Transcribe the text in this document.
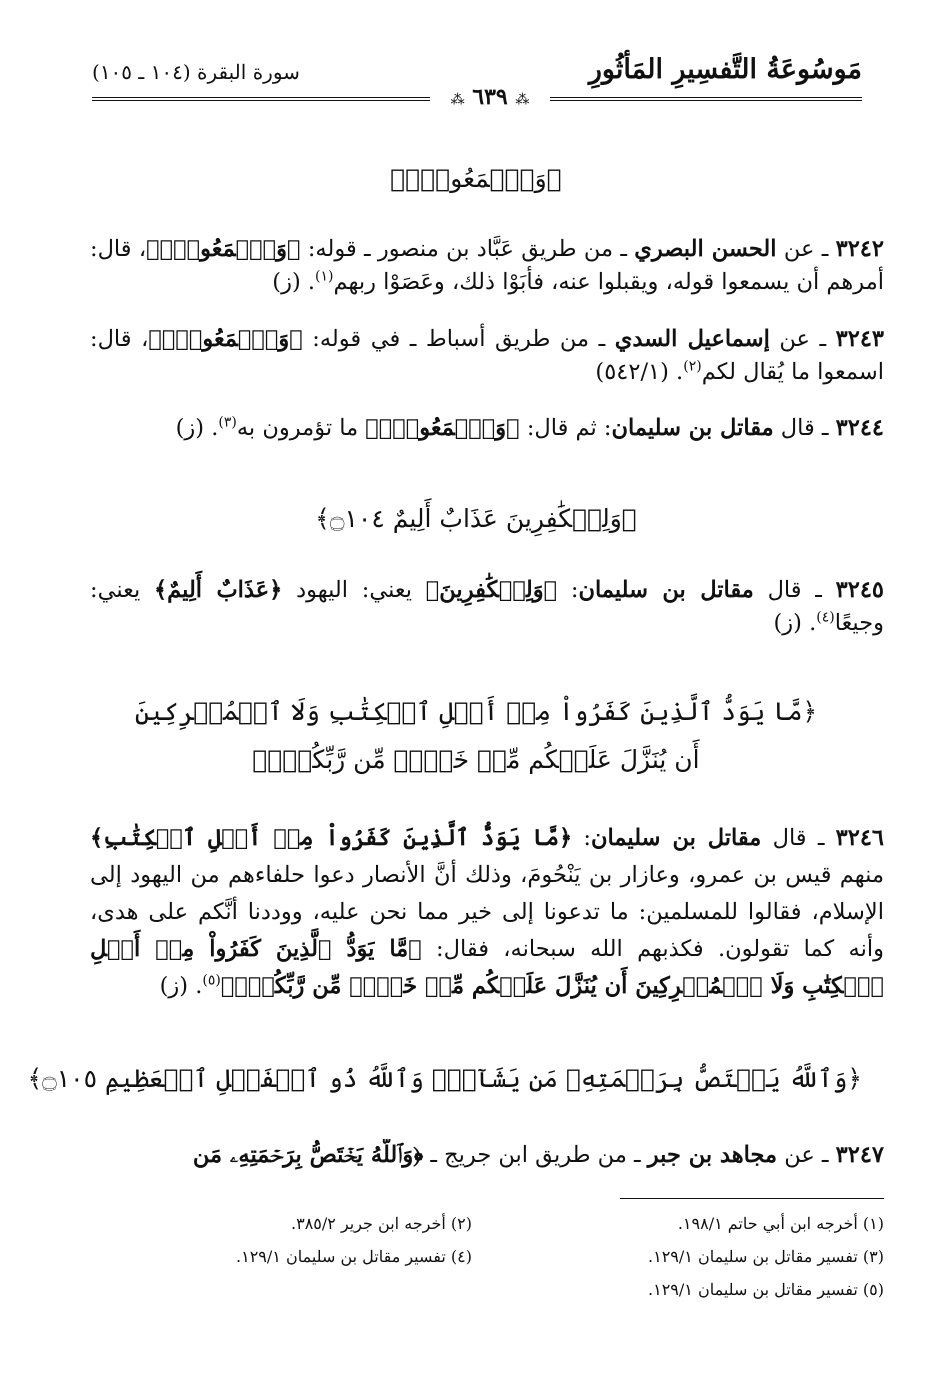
مَوسُوعَةُ التَّفسِيرِ المَأثُورِ
سورة البقرة (١٠٤ ـ ١٠٥)
⁂ ٦٣٩ ⁂
﴿وَٱسۡمَعُواْۗ﴾
٣٢٤٢ ـ عن الحسن البصري ـ من طريق عَبَّاد بن منصور ـ قوله: ﴿وَٱسۡمَعُواْۗ﴾، قال: أمرهم أن يسمعوا قوله، ويقبلوا عنه، فأبَوْا ذلك، وعَصَوْا ربهم$^{(١)}$. (ز)
٣٢٤٣ ـ عن إسماعيل السدي ـ من طريق أسباط ـ في قوله: ﴿وَٱسۡمَعُواْۗ﴾، قال: اسمعوا ما يُقال لكم$^{(٢)}$. (٥٤٢/١)
٣٢٤٤ ـ قال مقاتل بن سليمان: ثم قال: ﴿وَٱسۡمَعُواْۗ﴾ ما تؤمرون به$^{(٣)}$. (ز)
﴿وَلِلۡكَٰفِرِينَ عَذَابٌ أَلِيمٌ ۝١٠٤﴾
٣٢٤٥ ـ قال مقاتل بن سليمان: ﴿وَلِلۡكَٰفِرِينَ﴾ يعني: اليهود ﴿عَذَابٌ أَلِيمٌ﴾ يعني: وجيعًا$^{(٤)}$. (ز)
﴿مَّا يَوَدُّ ٱلَّذِينَ كَفَرُواْ مِنۡ أَهۡلِ ٱلۡكِتَٰبِ وَلَا ٱلۡمُشۡرِكِينَ
أَن يُنَزَّلَ عَلَيۡكُم مِّنۡ خَيۡرٖ مِّن رَّبِّكُمۡۚ﴾
٣٢٤٦ ـ قال مقاتل بن سليمان: ﴿مَّا يَوَدُّ ٱلَّذِينَ كَفَرُواْ مِنۡ أَهۡلِ ٱلۡكِتَٰبِ﴾ منهم قيس بن عمرو، وعازار بن يَنْحُومَ، وذلك أنَّ الأنصار دعوا حلفاءهم من اليهود إلى الإسلام، فقالوا للمسلمين: ما تدعونا إلى خير مما نحن عليه، ووددنا أنَّكم على هدى، وأنه كما تقولون. فكذبهم الله سبحانه، فقال: ﴿مَّا يَوَدُّ ٱلَّذِينَ كَفَرُواْ مِنۡ أَهۡلِ ٱلۡكِتَٰبِ وَلَا ٱلۡمُشۡرِكِينَ أَن يُنَزَّلَ عَلَيۡكُم مِّنۡ خَيۡرٖ مِّن رَّبِّكُمۡۚ﴾$^{(٥)}$. (ز)
﴿وَٱللَّهُ يَخۡتَصُّ بِرَحۡمَتِهِۦ مَن يَشَآءُۚ وَٱللَّهُ ذُو ٱلۡفَضۡلِ ٱلۡعَظِيمِ ۝١٠٥﴾
٣٢٤٧ ـ عن مجاهد بن جبر ـ من طريق ابن جريج ـ ﴿وَٱللَّهُ يَخۡتَصُّ بِرَحۡمَتِهِۦ مَن
(١) أخرجه ابن أبي حاتم ١٩٨/١.
(٢) أخرجه ابن جرير ٣٨٥/٢.
(٣) تفسير مقاتل بن سليمان ١٢٩/١.
(٤) تفسير مقاتل بن سليمان ١٢٩/١.
(٥) تفسير مقاتل بن سليمان ١٢٩/١.
